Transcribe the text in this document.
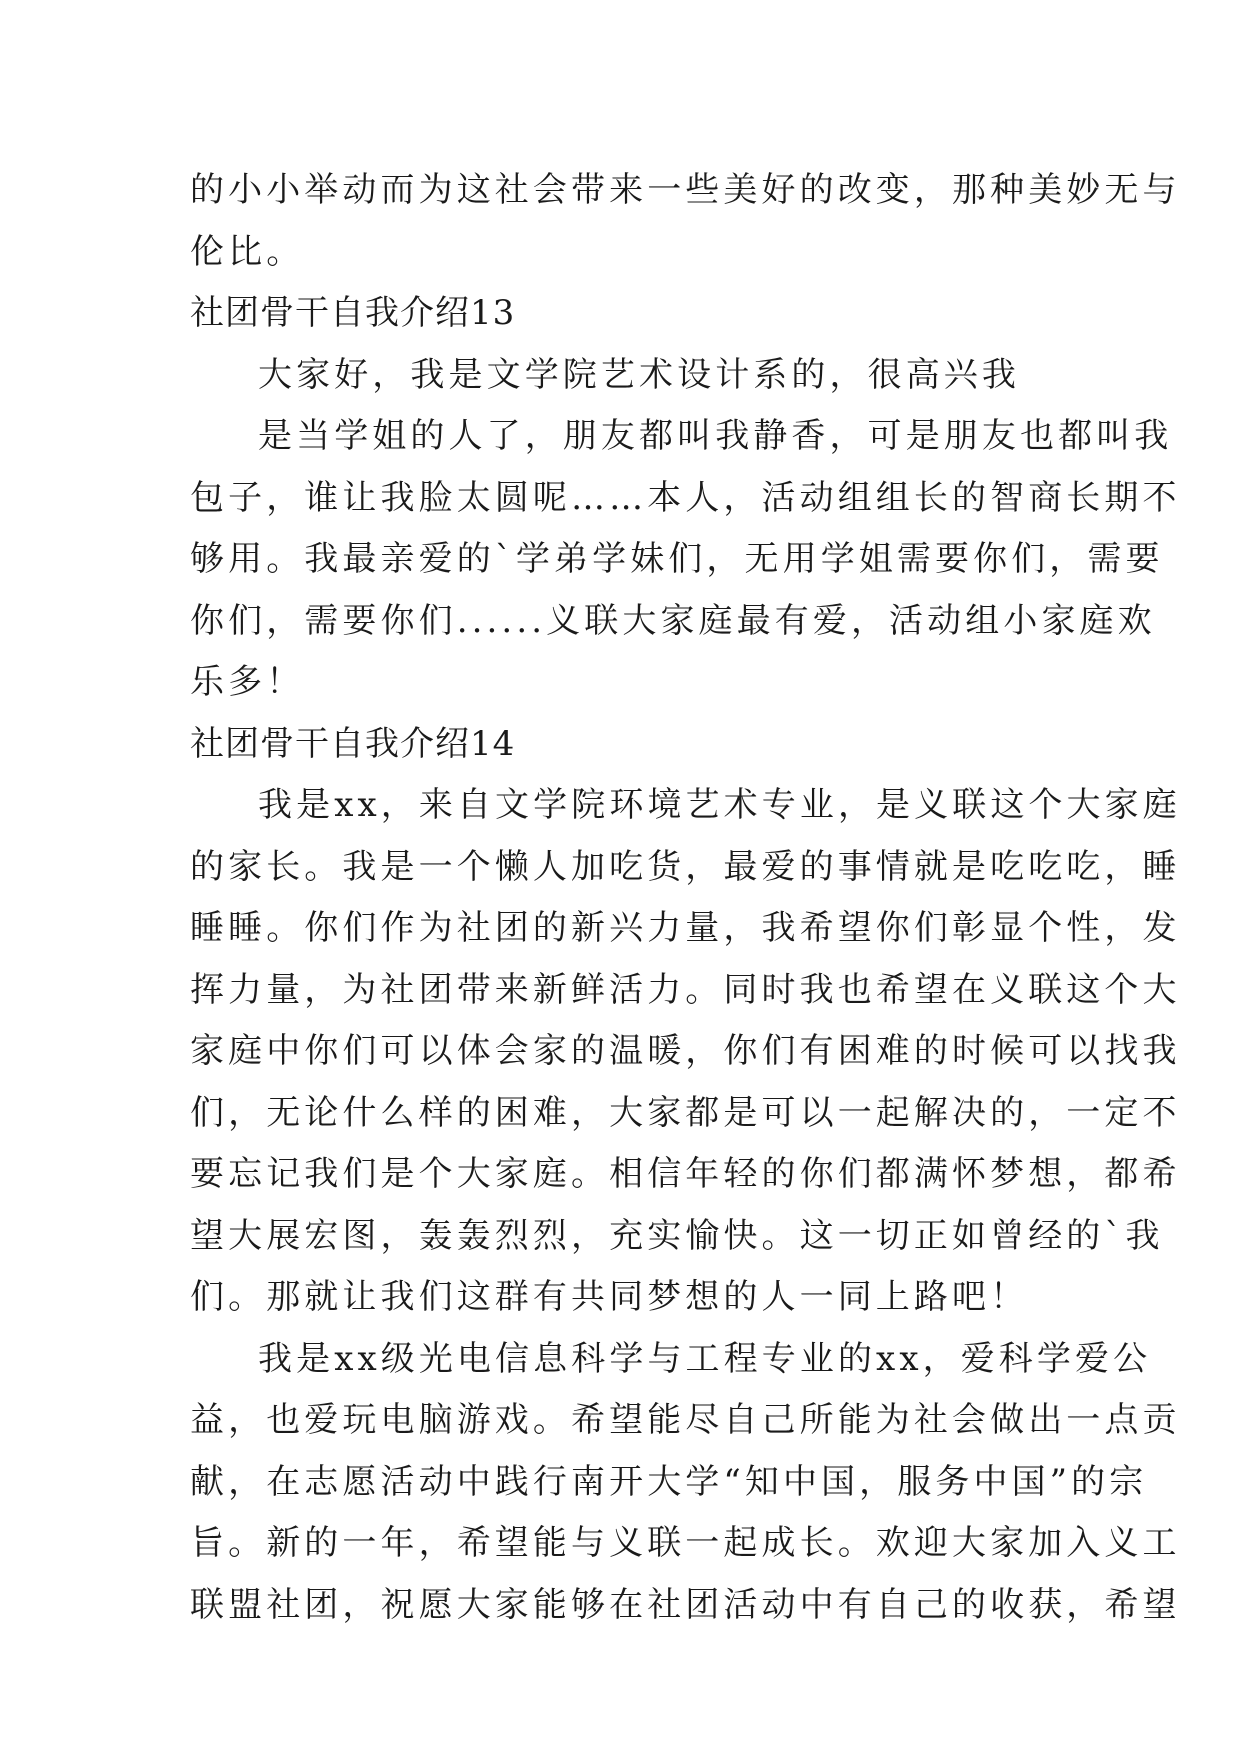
的小小举动而为这社会带来一些美好的改变，那种美妙无与
伦比。
社团骨干自我介绍13
大家好，我是文学院艺术设计系的，很高兴我
是当学姐的人了，朋友都叫我静香，可是朋友也都叫我
包子，谁让我脸太圆呢……本人，活动组组长的智商长期不
够用。我最亲爱的`学弟学妹们，无用学姐需要你们，需要
你们，需要你们......义联大家庭最有爱，活动组小家庭欢
乐多！
社团骨干自我介绍14
我是xx，来自文学院环境艺术专业，是义联这个大家庭
的家长。我是一个懒人加吃货，最爱的事情就是吃吃吃，睡
睡睡。你们作为社团的新兴力量，我希望你们彰显个性，发
挥力量，为社团带来新鲜活力。同时我也希望在义联这个大
家庭中你们可以体会家的温暖，你们有困难的时候可以找我
们，无论什么样的困难，大家都是可以一起解决的，一定不
要忘记我们是个大家庭。相信年轻的你们都满怀梦想，都希
望大展宏图，轰轰烈烈，充实愉快。这一切正如曾经的`我
们。那就让我们这群有共同梦想的人一同上路吧！
我是xx级光电信息科学与工程专业的xx，爱科学爱公
益，也爱玩电脑游戏。希望能尽自己所能为社会做出一点贡
献，在志愿活动中践行南开大学“知中国，服务中国”的宗
旨。新的一年，希望能与义联一起成长。欢迎大家加入义工
联盟社团，祝愿大家能够在社团活动中有自己的收获，希望
